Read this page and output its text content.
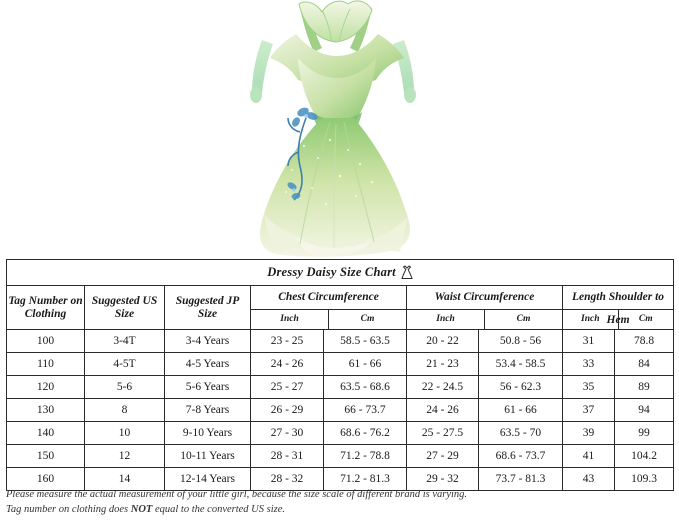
Dressy Daisy Size Chart								

Tag Number on Clothing	Suggested US Size	Suggested JP Size	
Chest Circumference
Inch	Cm

Waist Circumference
Inch	Cm

Length Shoulder to Hem
Inch	Cm

100	3-4T	3-4 Years	23 - 25	58.5 - 63.5	20 - 22	50.8 - 56	31	78.8
110	4-5T	4-5 Years	24 - 26	61 - 66	21 - 23	53.4 - 58.5	33	84
120	5-6	5-6 Years	25 - 27	63.5 - 68.6	22 - 24.5	56 - 62.3	35	89
130	8	7-8 Years	26 - 29	66 - 73.7	24 - 26	61 - 66	37	94
140	10	9-10 Years	27 - 30	68.6 - 76.2	25 - 27.5	63.5 - 70	39	99
150	12	10-11 Years	28 - 31	71.2 - 78.8	27 - 29	68.6 - 73.7	41	104.2
160	14	12-14 Years	28 - 32	71.2 - 81.3	29 - 32	73.7 - 81.3	43	109.3
Please measure the actual measurement of your little girl, because the size scale of different brand is varying.
Tag number on clothing does NOT equal to the converted US size.
